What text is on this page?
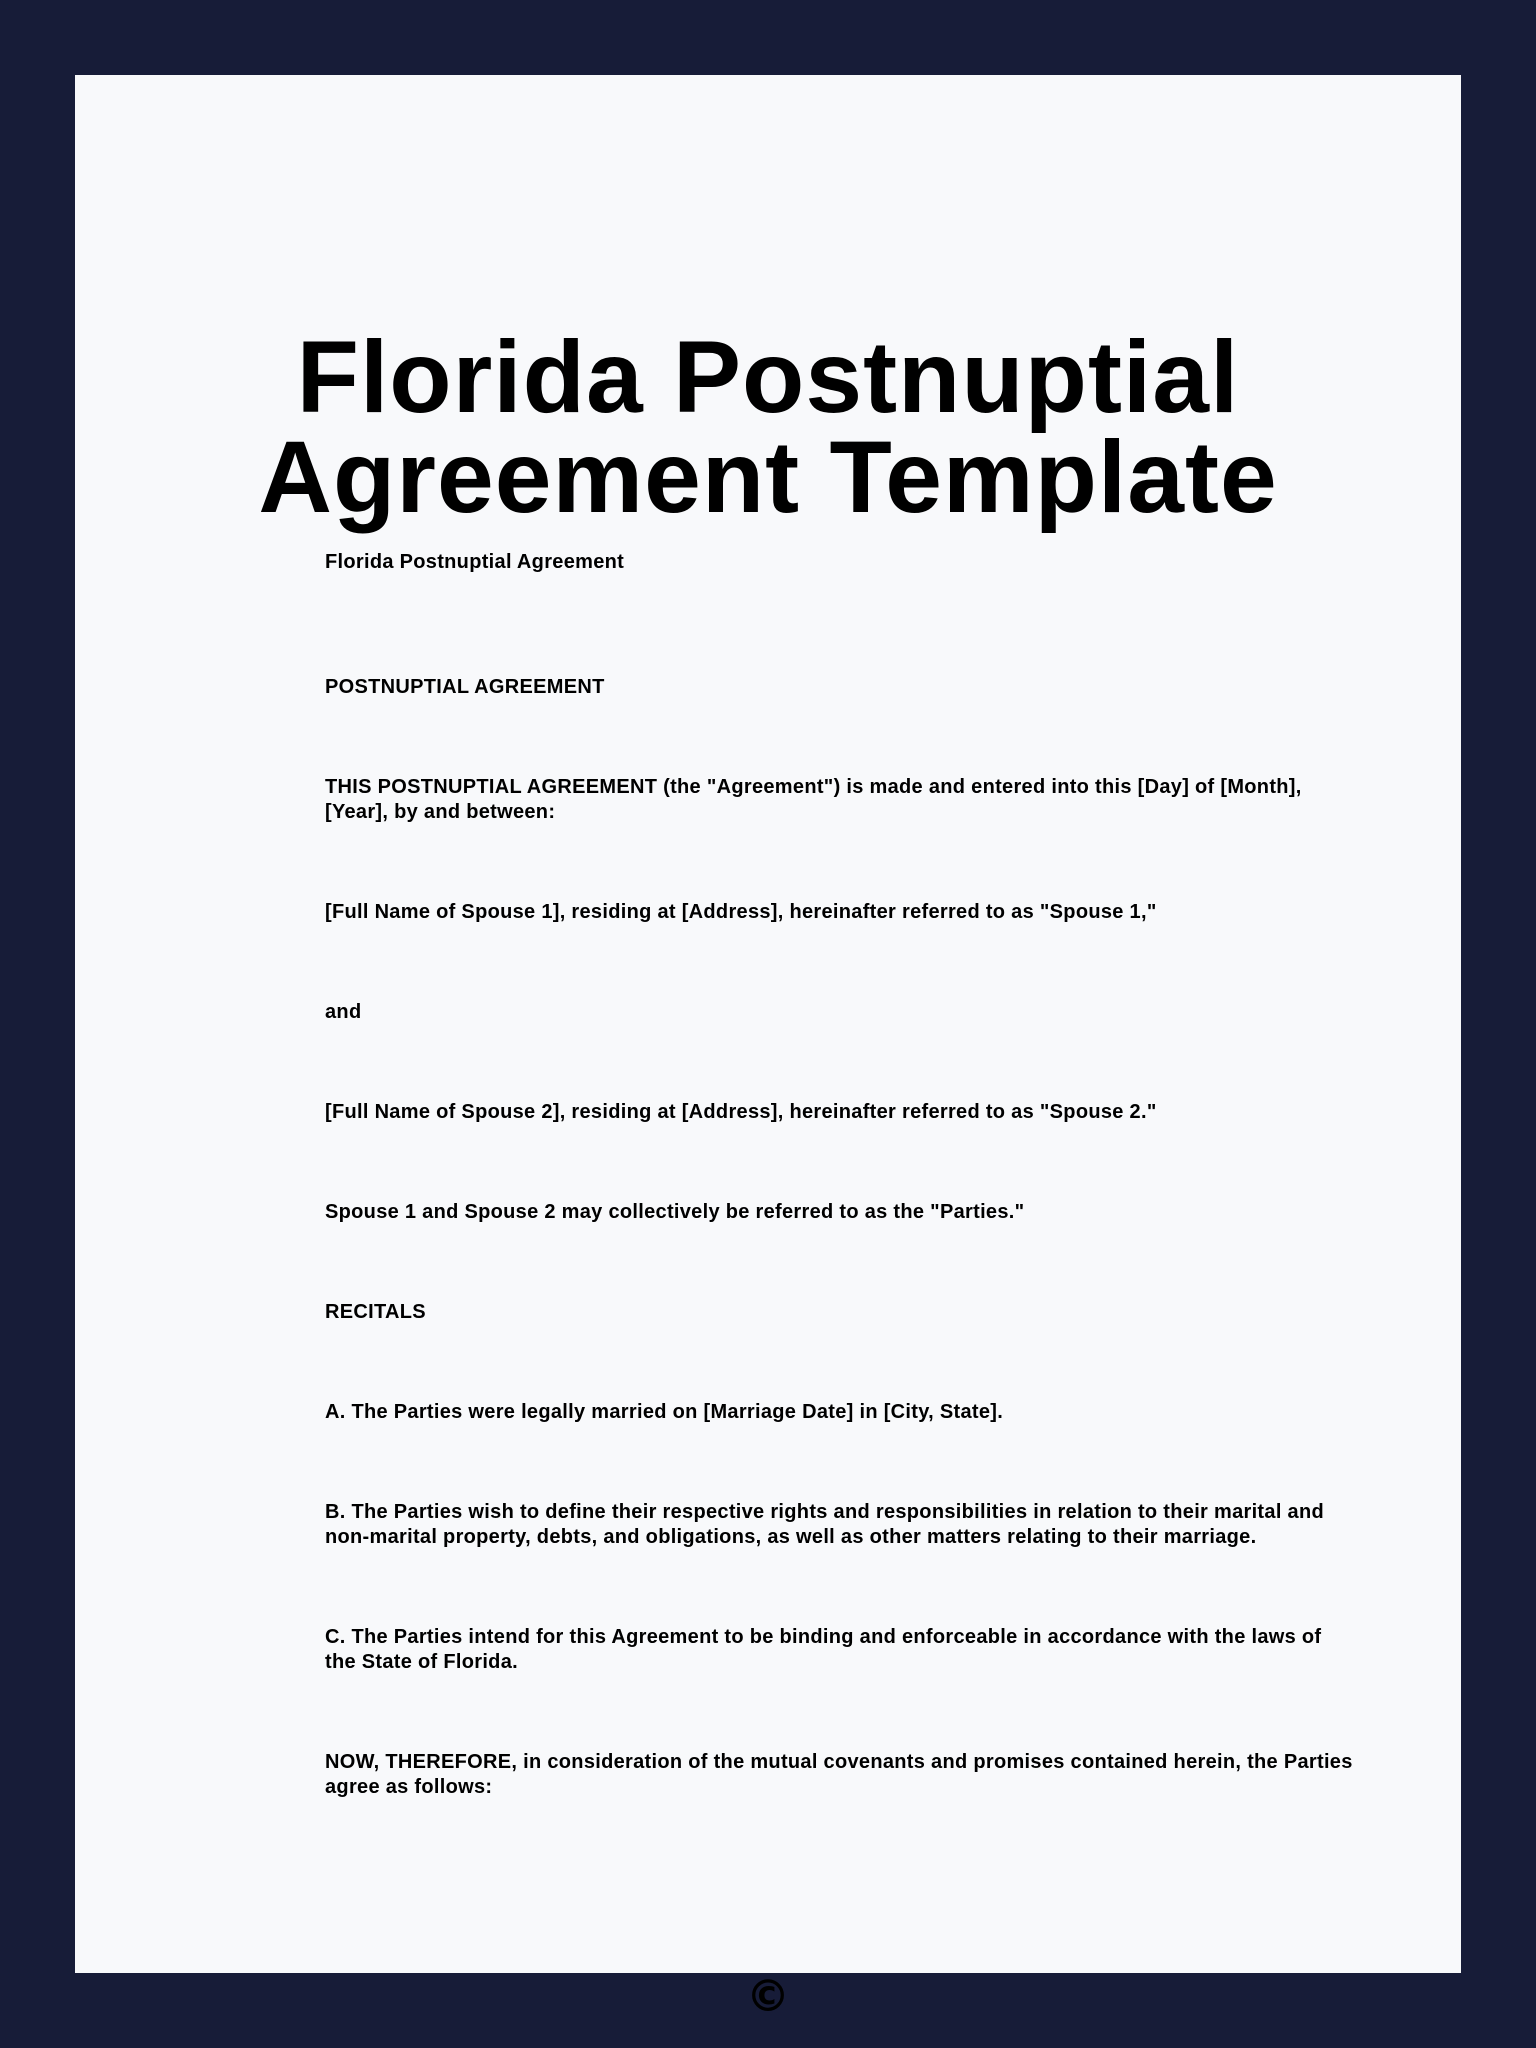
Florida Postnuptial
Agreement Template

Florida Postnuptial Agreement

POSTNUPTIAL AGREEMENT

THIS POSTNUPTIAL AGREEMENT (the "Agreement") is made and entered into this [Day] of [Month], [Year], by and between:

[Full Name of Spouse 1], residing at [Address], hereinafter referred to as "Spouse 1,"

and

[Full Name of Spouse 2], residing at [Address], hereinafter referred to as "Spouse 2."

Spouse 1 and Spouse 2 may collectively be referred to as the "Parties."

RECITALS

A. The Parties were legally married on [Marriage Date] in [City, State].

B. The Parties wish to define their respective rights and responsibilities in relation to their marital and non-marital property, debts, and obligations, as well as other matters relating to their marriage.

C. The Parties intend for this Agreement to be binding and enforceable in accordance with the laws of the State of Florida.

NOW, THEREFORE, in consideration of the mutual covenants and promises contained herein, the Parties agree as follows:

©
